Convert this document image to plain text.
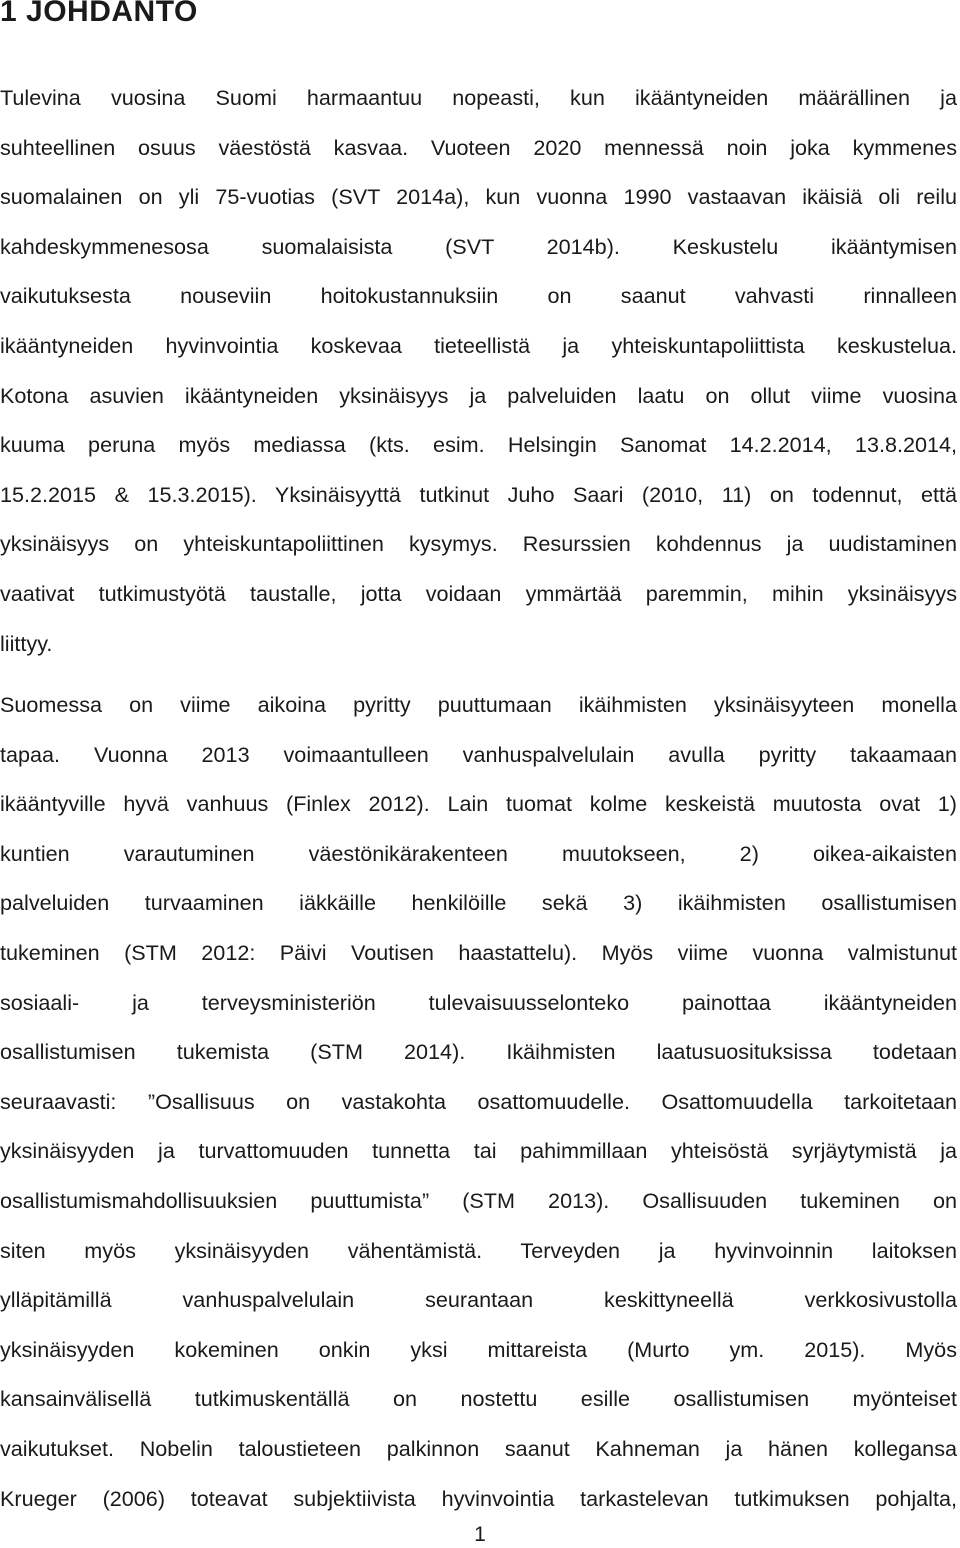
1 JOHDANTO
Tulevina vuosina Suomi harmaantuu nopeasti, kun ikääntyneiden määrällinen ja
suhteellinen osuus väestöstä kasvaa. Vuoteen 2020 mennessä noin joka kymmenes
suomalainen on yli 75-vuotias (SVT 2014a), kun vuonna 1990 vastaavan ikäisiä oli reilu
kahdeskymmenesosa suomalaisista (SVT 2014b). Keskustelu ikääntymisen
vaikutuksesta nouseviin hoitokustannuksiin on saanut vahvasti rinnalleen
ikääntyneiden hyvinvointia koskevaa tieteellistä ja yhteiskuntapoliittista keskustelua.
Kotona asuvien ikääntyneiden yksinäisyys ja palveluiden laatu on ollut viime vuosina
kuuma peruna myös mediassa (kts. esim. Helsingin Sanomat 14.2.2014, 13.8.2014,
15.2.2015 & 15.3.2015). Yksinäisyyttä tutkinut Juho Saari (2010, 11) on todennut, että
yksinäisyys on yhteiskuntapoliittinen kysymys. Resurssien kohdennus ja uudistaminen
vaativat tutkimustyötä taustalle, jotta voidaan ymmärtää paremmin, mihin yksinäisyys
liittyy.
Suomessa on viime aikoina pyritty puuttumaan ikäihmisten yksinäisyyteen monella
tapaa. Vuonna 2013 voimaantulleen vanhuspalvelulain avulla pyritty takaamaan
ikääntyville hyvä vanhuus (Finlex 2012). Lain tuomat kolme keskeistä muutosta ovat 1)
kuntien varautuminen väestönikärakenteen muutokseen, 2) oikea-aikaisten
palveluiden turvaaminen iäkkäille henkilöille sekä 3) ikäihmisten osallistumisen
tukeminen (STM 2012: Päivi Voutisen haastattelu). Myös viime vuonna valmistunut
sosiaali- ja terveysministeriön tulevaisuusselonteko painottaa ikääntyneiden
osallistumisen tukemista (STM 2014). Ikäihmisten laatusuosituksissa todetaan
seuraavasti: ”Osallisuus on vastakohta osattomuudelle. Osattomuudella tarkoitetaan
yksinäisyyden ja turvattomuuden tunnetta tai pahimmillaan yhteisöstä syrjäytymistä ja
osallistumismahdollisuuksien puuttumista” (STM 2013). Osallisuuden tukeminen on
siten myös yksinäisyyden vähentämistä. Terveyden ja hyvinvoinnin laitoksen
ylläpitämillä vanhuspalvelulain seurantaan keskittyneellä verkkosivustolla
yksinäisyyden kokeminen onkin yksi mittareista (Murto ym. 2015). Myös
kansainvälisellä tutkimuskentällä on nostettu esille osallistumisen myönteiset
vaikutukset. Nobelin taloustieteen palkinnon saanut Kahneman ja hänen kollegansa
Krueger (2006) toteavat subjektiivista hyvinvointia tarkastelevan tutkimuksen pohjalta,
1
